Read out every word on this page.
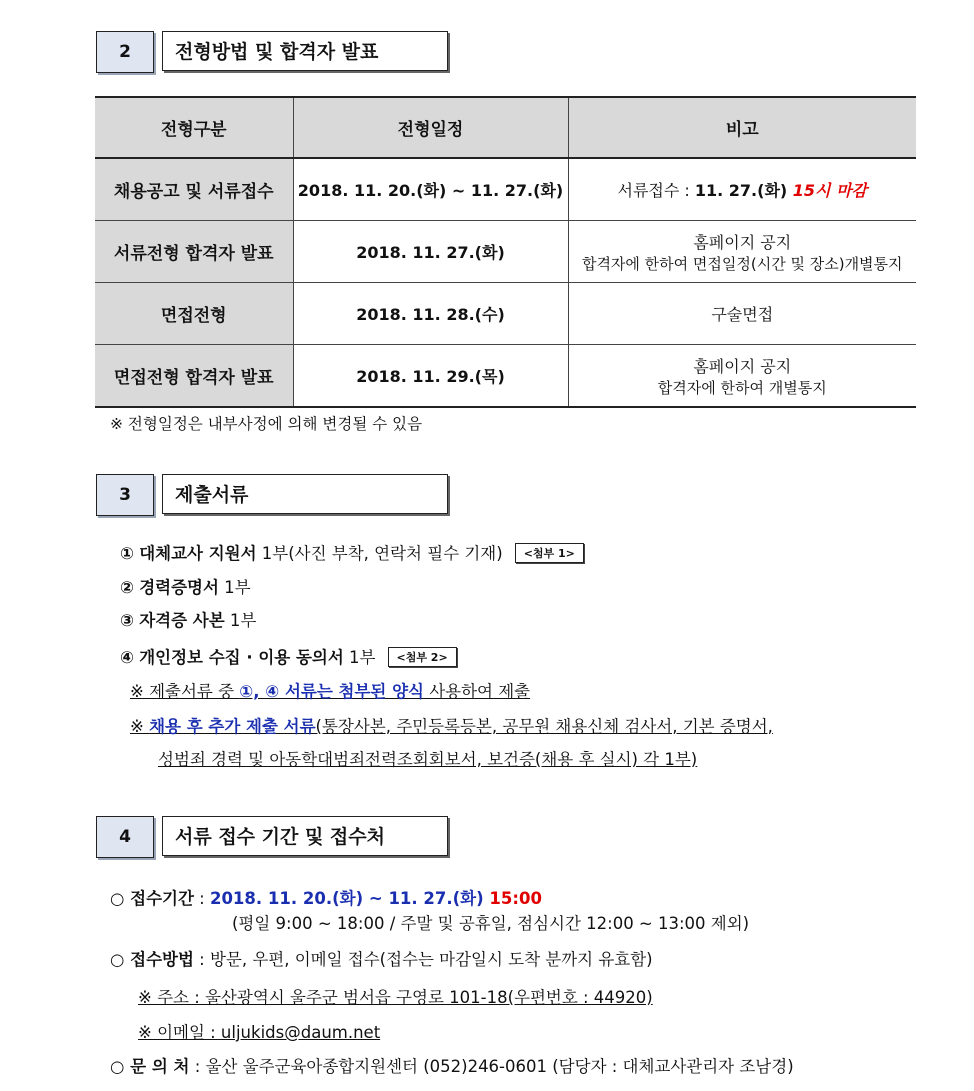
2	전형방법 및 합격자 발표
전형구분	전형일정	비고
채용공고 및 서류접수	2018. 11. 20.(화) ~ 11. 27.(화)	서류접수 : 11. 27.(화) 15시 마감
서류전형 합격자 발표	2018. 11. 27.(화)	홈페이지 공지
합격자에 한하여 면접일정(시간 및 장소)개별통지

면접전형	2018. 11. 28.(수)	구술면접
면접전형 합격자 발표	2018. 11. 29.(목)	홈페이지 공지
합격자에 한하여 개별통지
※ 전형일정은 내부사정에 의해 변경될 수 있음
3	제출서류
① 대체교사 지원서 1부(사진 부착, 연락처 필수 기재) <첨부 1>
② 경력증명서 1부
③ 자격증 사본 1부
④ 개인정보 수집 · 이용 동의서 1부 <첨부 2>
※ 제출서류 중 ①, ④ 서류는 첨부된 양식 사용하여 제출
※ 채용 후 추가 제출 서류(통장사본, 주민등록등본, 공무원 채용신체 검사서, 기본 증명서,
성범죄 경력 및 아동학대범죄전력조회회보서, 보건증(채용 후 실시) 각 1부)
4	서류 접수 기간 및 접수처
○ 접수기간 : 2018. 11. 20.(화) ~ 11. 27.(화) 15:00
(평일 9:00 ~ 18:00 / 주말 및 공휴일, 점심시간 12:00 ~ 13:00 제외)
○ 접수방법 : 방문, 우편, 이메일 접수(접수는 마감일시 도착 분까지 유효함)
※ 주소 : 울산광역시 울주군 범서읍 구영로 101-18(우편번호 : 44920)
※ 이메일 : uljukids@daum.net
○ 문 의 처 : 울산 울주군육아종합지원센터 (052)246-0601 (담당자 : 대체교사관리자 조남경)
